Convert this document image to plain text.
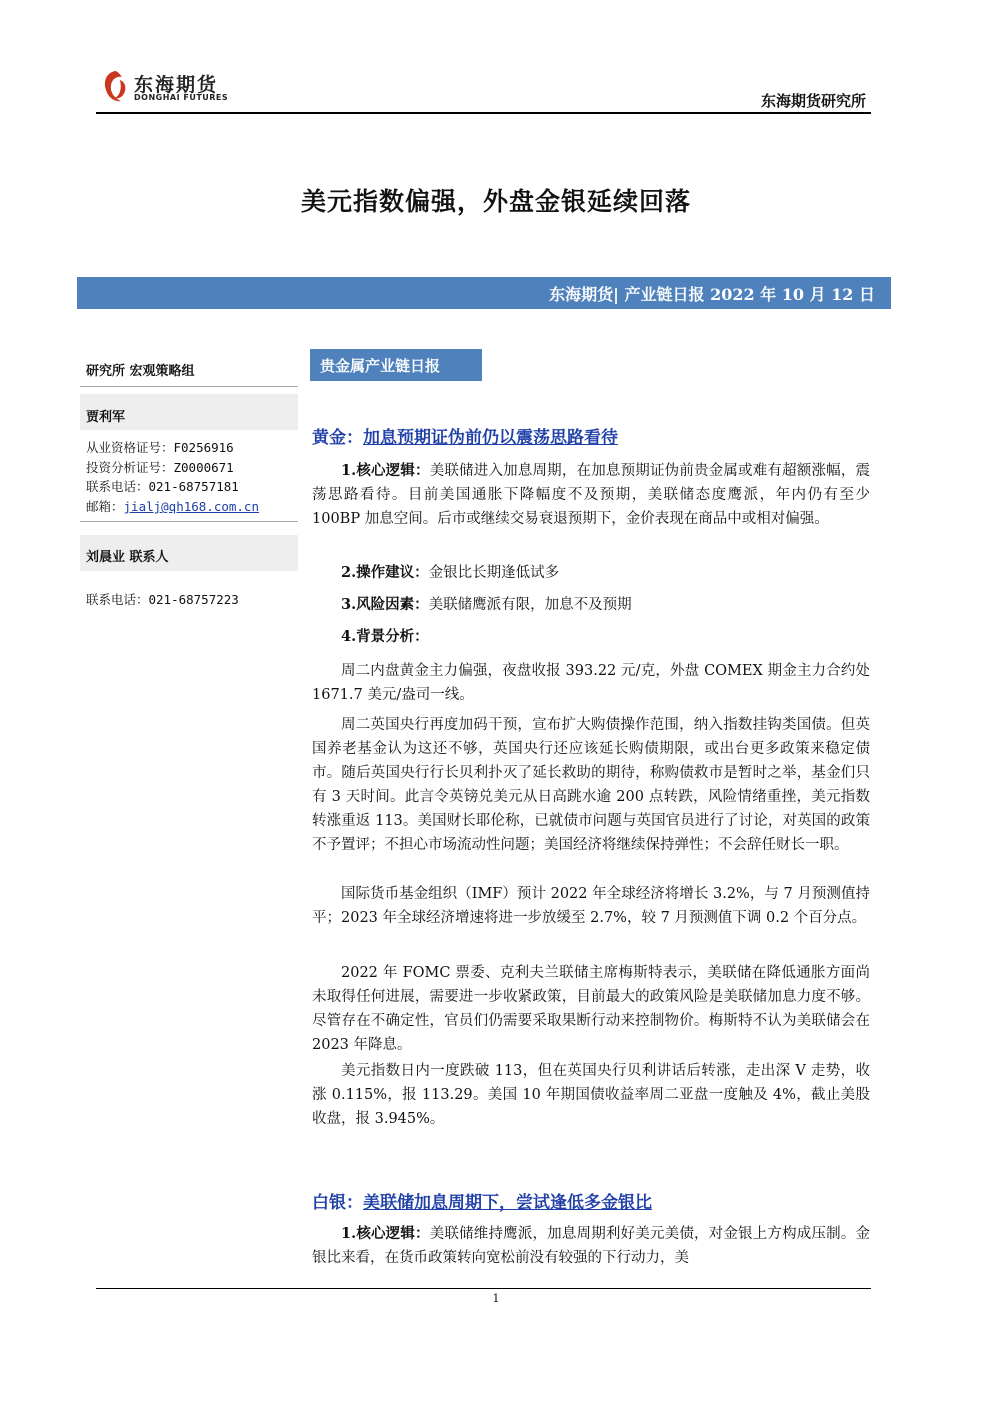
东海期货
DONGHAI FUTURES	东海期货研究所
美元指数偏强，外盘金银延续回落
东海期货| 产业链日报 2022 年 10 月 12 日
研究所 宏观策略组
贾利军
从业资格证号：F0256916
投资分析证号：Z0000671
联系电话：021-68757181
邮箱：jialj@qh168.com.cn
刘晨业 联系人
联系电话：021-68757223
贵金属产业链日报
黄金：加息预期证伪前仍以震荡思路看待
1.核心逻辑：美联储进入加息周期，在加息预期证伪前贵金属或难有超额涨幅，震荡思路看待。目前美国通胀下降幅度不及预期，美联储态度鹰派，年内仍有至少 100BP 加息空间。后市或继续交易衰退预期下，金价表现在商品中或相对偏强。
2.操作建议：金银比长期逢低试多
3.风险因素：美联储鹰派有限，加息不及预期
4.背景分析：
周二内盘黄金主力偏强，夜盘收报 393.22 元/克，外盘 COMEX 期金主力合约处 1671.7 美元/盎司一线。
周二英国央行再度加码干预，宣布扩大购债操作范围，纳入指数挂钩类国债。但英国养老基金认为这还不够，英国央行还应该延长购债期限，或出台更多政策来稳定债市。随后英国央行行长贝利扑灭了延长救助的期待，称购债救市是暂时之举，基金们只有 3 天时间。此言令英镑兑美元从日高跳水逾 200 点转跌，风险情绪重挫，美元指数转涨重返 113。美国财长耶伦称，已就债市问题与英国官员进行了讨论，对英国的政策不予置评；不担心市场流动性问题；美国经济将继续保持弹性；不会辞任财长一职。
国际货币基金组织（IMF）预计 2022 年全球经济将增长 3.2%，与 7 月预测值持平；2023 年全球经济增速将进一步放缓至 2.7%，较 7 月预测值下调 0.2 个百分点。
2022 年 FOMC 票委、克利夫兰联储主席梅斯特表示，美联储在降低通胀方面尚未取得任何进展，需要进一步收紧政策，目前最大的政策风险是美联储加息力度不够。尽管存在不确定性，官员们仍需要采取果断行动来控制物价。梅斯特不认为美联储会在 2023 年降息。
美元指数日内一度跌破 113，但在英国央行贝利讲话后转涨，走出深 V 走势，收涨 0.115%，报 113.29。美国 10 年期国债收益率周二亚盘一度触及 4%，截止美股收盘，报 3.945%。
白银：美联储加息周期下，尝试逢低多金银比
1.核心逻辑：美联储维持鹰派，加息周期利好美元美债，对金银上方构成压制。金银比来看，在货币政策转向宽松前没有较强的下行动力，美
1
